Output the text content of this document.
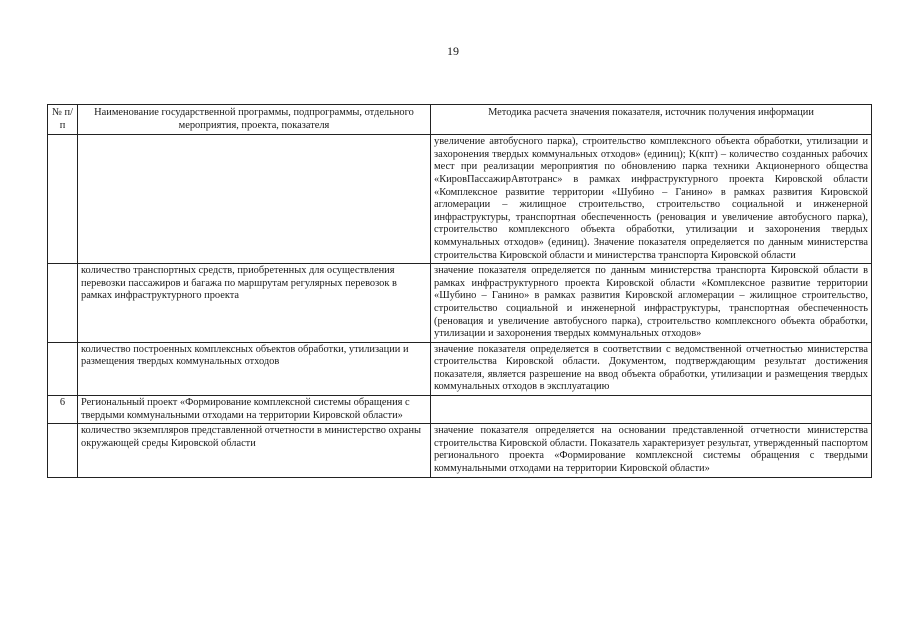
19
№ п/п	Наименование государственной программы, подпрограммы, отдельного мероприятия, проекта, показателя	Методика расчета значения показателя, источник получения информации
		увеличение автобусного парка), строительство комплексного объекта обработки, утилизации и захоронения твердых коммунальных отходов» (единиц); К(кпт) – количество созданных рабочих мест при реализации мероприятия по обновлению парка техники Акционерного общества «КировПассажирАвтотранс» в рамках инфраструктурного проекта Кировской области «Комплексное развитие территории «Шубино – Ганино» в рамках развития Кировской агломерации – жилищное строительство, строительство социальной и инженерной инфраструктуры, транспортная обеспеченность (реновация и увеличение автобусного парка), строительство комплексного объекта обработки, утилизации и захоронения твердых коммунальных отходов» (единиц). Значение показателя определяется по данным министерства строительства Кировской области и министерства транспорта Кировской области
	количество транспортных средств, приобретенных для осуществления перевозки пассажиров и багажа по маршрутам регулярных перевозок в рамках инфраструктурного проекта	значение показателя определяется по данным министерства транспорта Кировской области в рамках инфраструктурного проекта Кировской области «Комплексное развитие территории «Шубино – Ганино» в рамках развития Кировской агломерации – жилищное строительство, строительство социальной и инженерной инфраструктуры, транспортная обеспеченность (реновация и увеличение автобусного парка), строительство комплексного объекта обработки, утилизации и захоронения твердых коммунальных отходов»
	количество построенных комплексных объектов обработки, утилизации и размещения твердых коммунальных отходов	значение показателя определяется в соответствии с ведомственной отчетностью министерства строительства Кировской области. Документом, подтверждающим результат достижения показателя, является разрешение на ввод объекта обработки, утилизации и размещения твердых коммунальных отходов в эксплуатацию
6	Региональный проект «Формирование комплексной системы обращения с твердыми коммунальными отходами на территории Кировской области»	
	количество экземпляров представленной отчетности в министерство охраны окружающей среды Кировской области	значение показателя определяется на основании представленной отчетности министерства строительства Кировской области. Показатель характеризует результат, утвержденный паспортом регионального проекта «Формирование комплексной системы обращения с твердыми коммунальными отходами на территории Кировской области»
